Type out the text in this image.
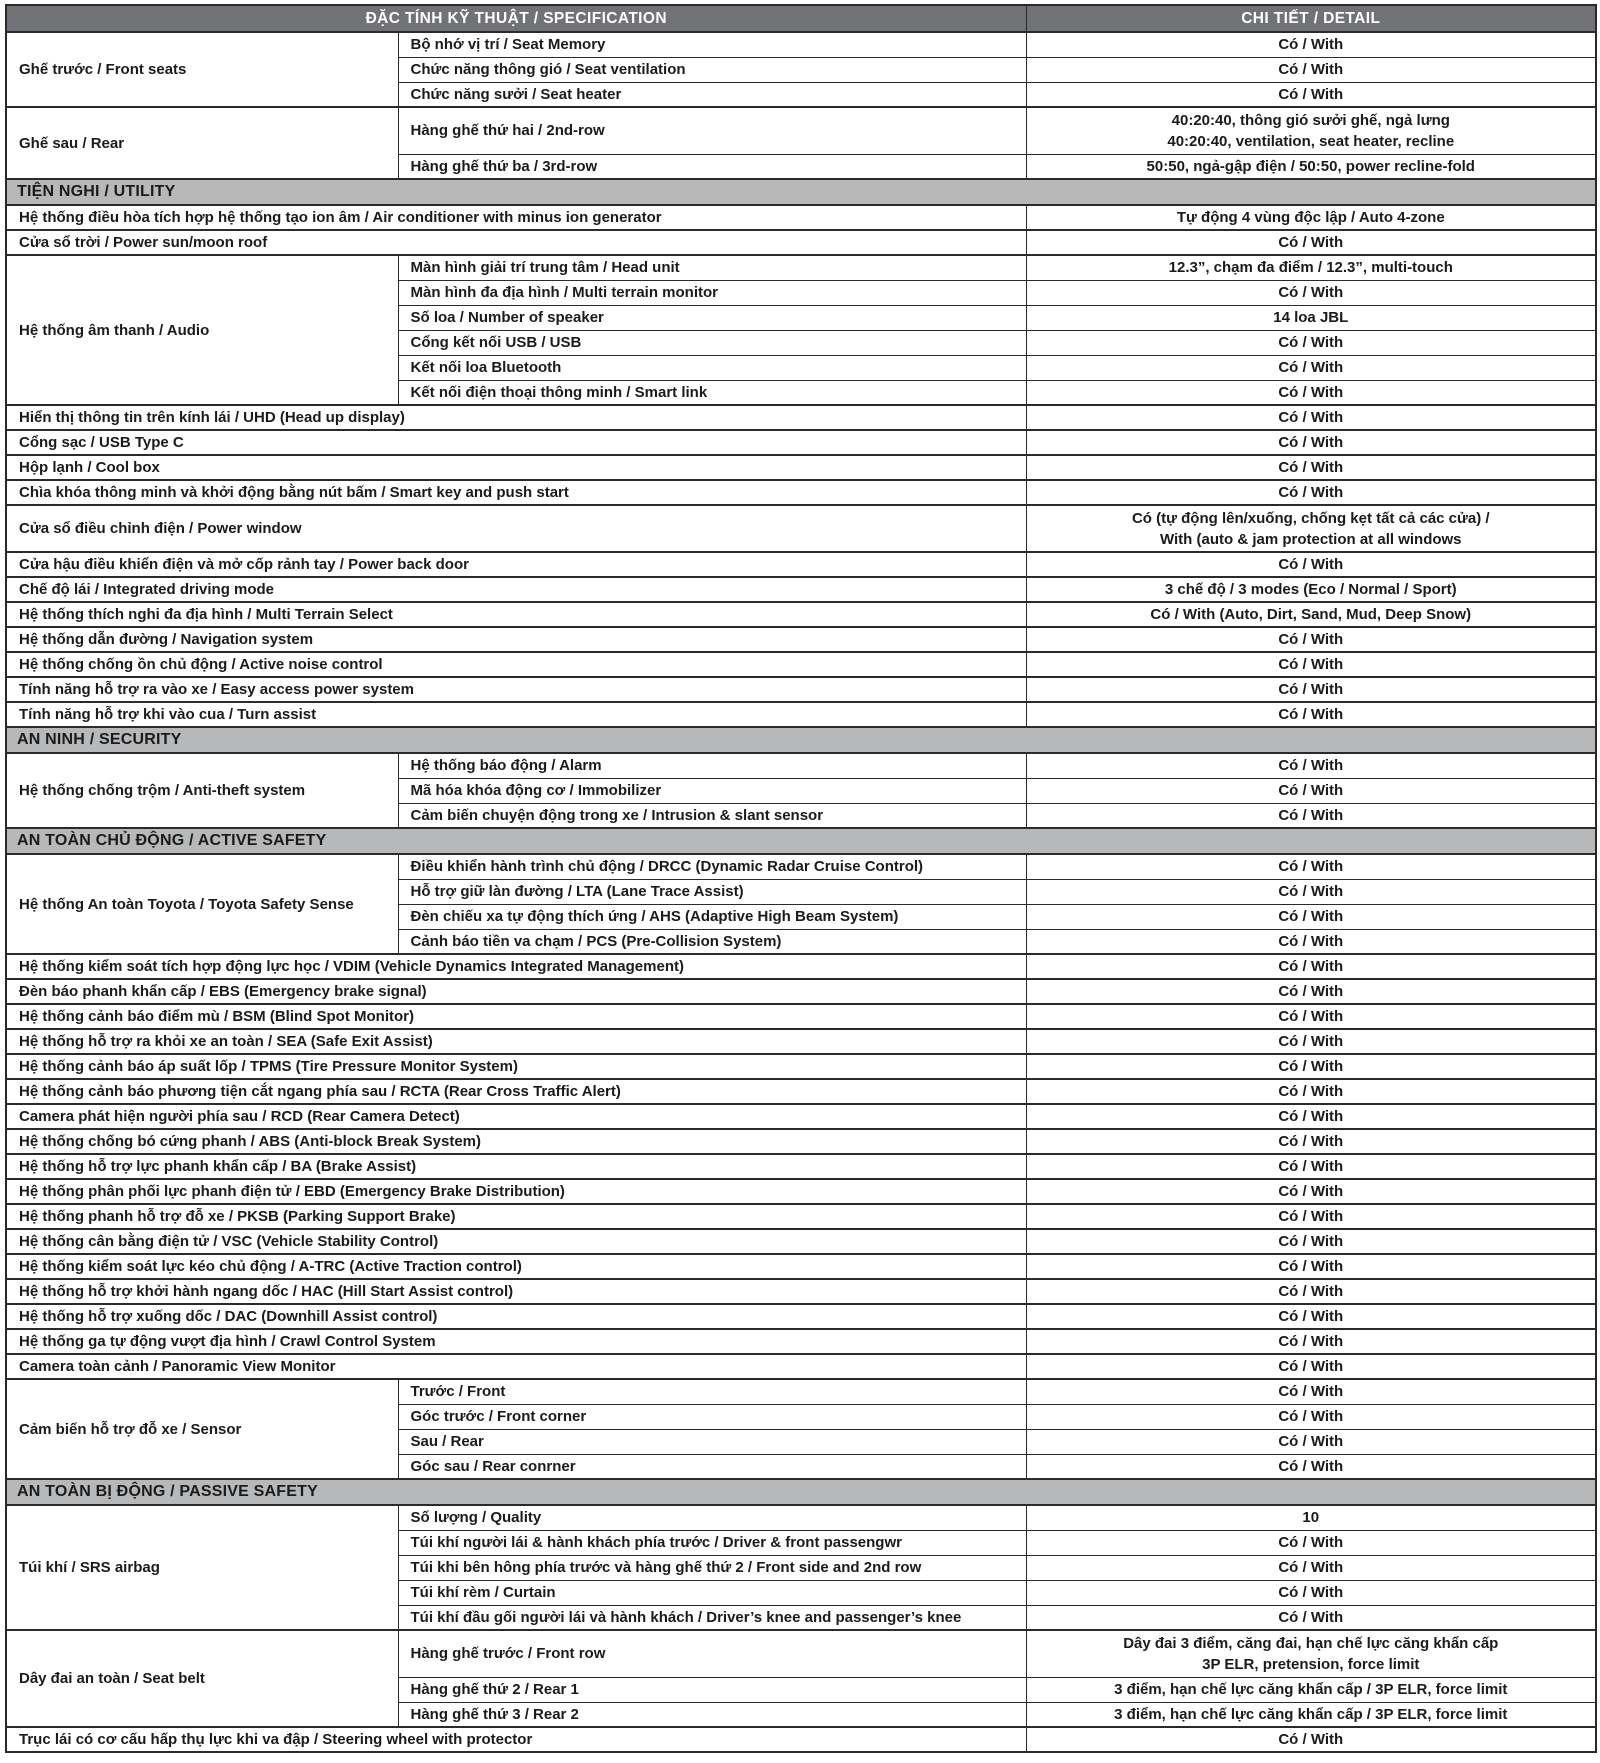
ĐẶC TÍNH KỸ THUẬT / SPECIFICATION		CHI TIẾT / DETAIL
Ghế trước / Front seats	Bộ nhớ vị trí / Seat Memory	Có / With

	Chức năng thông gió / Seat ventilation	Có / With

	Chức năng sưởi / Seat heater	Có / With

Ghế sau / Rear	Hàng ghế thứ hai / 2nd-row	40:20:40, thông gió sưởi ghế, ngả lưng
40:20:40, ventilation, seat heater, recline

	Hàng ghế thứ ba / 3rd-row	50:50, ngả-gập điện / 50:50, power recline-fold

TIỆN NGHI / UTILITY		
Hệ thống điều hòa tích hợp hệ thống tạo ion âm / Air conditioner with minus ion generator		Tự động 4 vùng độc lập / Auto 4-zone

Cửa sổ trời / Power sun/moon roof		Có / With

Hệ thống âm thanh / Audio	Màn hình giải trí trung tâm / Head unit	12.3”, chạm đa điểm / 12.3”, multi-touch

	Màn hình đa địa hình / Multi terrain monitor	Có / With

	Số loa / Number of speaker	14 loa JBL

	Cổng kết nối USB / USB	Có / With

	Kết nối loa Bluetooth	Có / With

	Kết nối điện thoại thông minh / Smart link	Có / With

Hiển thị thông tin trên kính lái / UHD (Head up display)		Có / With

Cổng sạc / USB Type C		Có / With

Hộp lạnh / Cool box		Có / With

Chìa khóa thông minh và khởi động bằng nút bấm / Smart key and push start		Có / With

Cửa sổ điều chỉnh điện / Power window		Có (tự động lên/xuống, chống kẹt tất cả các cửa) /
With (auto & jam protection at all windows

Cửa hậu điều khiển điện và mở cốp rảnh tay / Power back door		Có / With

Chế độ lái / Integrated driving mode		3 chế độ / 3 modes (Eco / Normal / Sport)

Hệ thống thích nghi đa địa hình / Multi Terrain Select		Có / With (Auto, Dirt, Sand, Mud, Deep Snow)

Hệ thống dẫn đường / Navigation system		Có / With

Hệ thống chống ồn chủ động / Active noise control		Có / With

Tính năng hỗ trợ ra vào xe / Easy access power system		Có / With

Tính năng hỗ trợ khi vào cua / Turn assist		Có / With

AN NINH / SECURITY		
Hệ thống chống trộm / Anti-theft system	Hệ thống báo động / Alarm	Có / With

	Mã hóa khóa động cơ / Immobilizer	Có / With

	Cảm biến chuyện động trong xe / Intrusion & slant sensor	Có / With

AN TOÀN CHỦ ĐỘNG / ACTIVE SAFETY		
Hệ thống An toàn Toyota / Toyota Safety Sense	Điều khiển hành trình chủ động / DRCC (Dynamic Radar Cruise Control)	Có / With

	Hỗ trợ giữ làn đường / LTA (Lane Trace Assist)	Có / With

	Đèn chiếu xa tự động thích ứng / AHS (Adaptive High Beam System)	Có / With

	Cảnh báo tiền va chạm / PCS (Pre-Collision System)	Có / With

Hệ thống kiểm soát tích hợp động lực học / VDIM (Vehicle Dynamics Integrated Management)		Có / With

Đèn báo phanh khẩn cấp / EBS (Emergency brake signal)		Có / With

Hệ thống cảnh báo điểm mù / BSM (Blind Spot Monitor)		Có / With

Hệ thống hỗ trợ ra khỏi xe an toàn / SEA (Safe Exit Assist)		Có / With

Hệ thống cảnh báo áp suất lốp / TPMS (Tire Pressure Monitor System)		Có / With

Hệ thống cảnh báo phương tiện cắt ngang phía sau / RCTA (Rear Cross Traffic Alert)		Có / With

Camera phát hiện người phía sau / RCD (Rear Camera Detect)		Có / With

Hệ thống chống bó cứng phanh / ABS (Anti-block Break System)		Có / With

Hệ thống hỗ trợ lực phanh khẩn cấp / BA (Brake Assist)		Có / With

Hệ thống phân phối lực phanh điện tử / EBD (Emergency Brake Distribution)		Có / With

Hệ thống phanh hỗ trợ đỗ xe / PKSB (Parking Support Brake)		Có / With

Hệ thống cân bằng điện tử / VSC (Vehicle Stability Control)		Có / With

Hệ thống kiểm soát lực kéo chủ động / A-TRC (Active Traction control)		Có / With

Hệ thống hỗ trợ khởi hành ngang dốc / HAC (Hill Start Assist control)		Có / With

Hệ thống hỗ trợ xuống dốc / DAC (Downhill Assist control)		Có / With

Hệ thống ga tự động vượt địa hình / Crawl Control System		Có / With

Camera toàn cảnh / Panoramic View Monitor		Có / With

Cảm biến hỗ trợ đỗ xe / Sensor	Trước / Front	Có / With

	Góc trước / Front corner	Có / With

	Sau / Rear	Có / With

	Góc sau / Rear conrner	Có / With

AN TOÀN BỊ ĐỘNG / PASSIVE SAFETY		
Túi khí / SRS airbag	Số lượng / Quality	10

	Túi khí người lái & hành khách phía trước / Driver & front passengwr	Có / With

	Túi khi bên hông phía trước và hàng ghế thứ 2 / Front side and 2nd row	Có / With

	Túi khí rèm / Curtain	Có / With

	Túi khí đầu gối người lái và hành khách / Driver’s knee and passenger’s knee	Có / With

Dây đai an toàn / Seat belt	Hàng ghế trước / Front row	Dây đai 3 điểm, căng đai, hạn chế lực căng khẩn cấp
3P ELR, pretension, force limit

	Hàng ghế thứ 2 / Rear 1	3 điểm, hạn chế lực căng khẩn cấp / 3P ELR, force limit

	Hàng ghế thứ 3 / Rear 2	3 điểm, hạn chế lực căng khẩn cấp / 3P ELR, force limit

Trục lái có cơ cấu hấp thụ lực khi va đập / Steering wheel with protector		Có / With
